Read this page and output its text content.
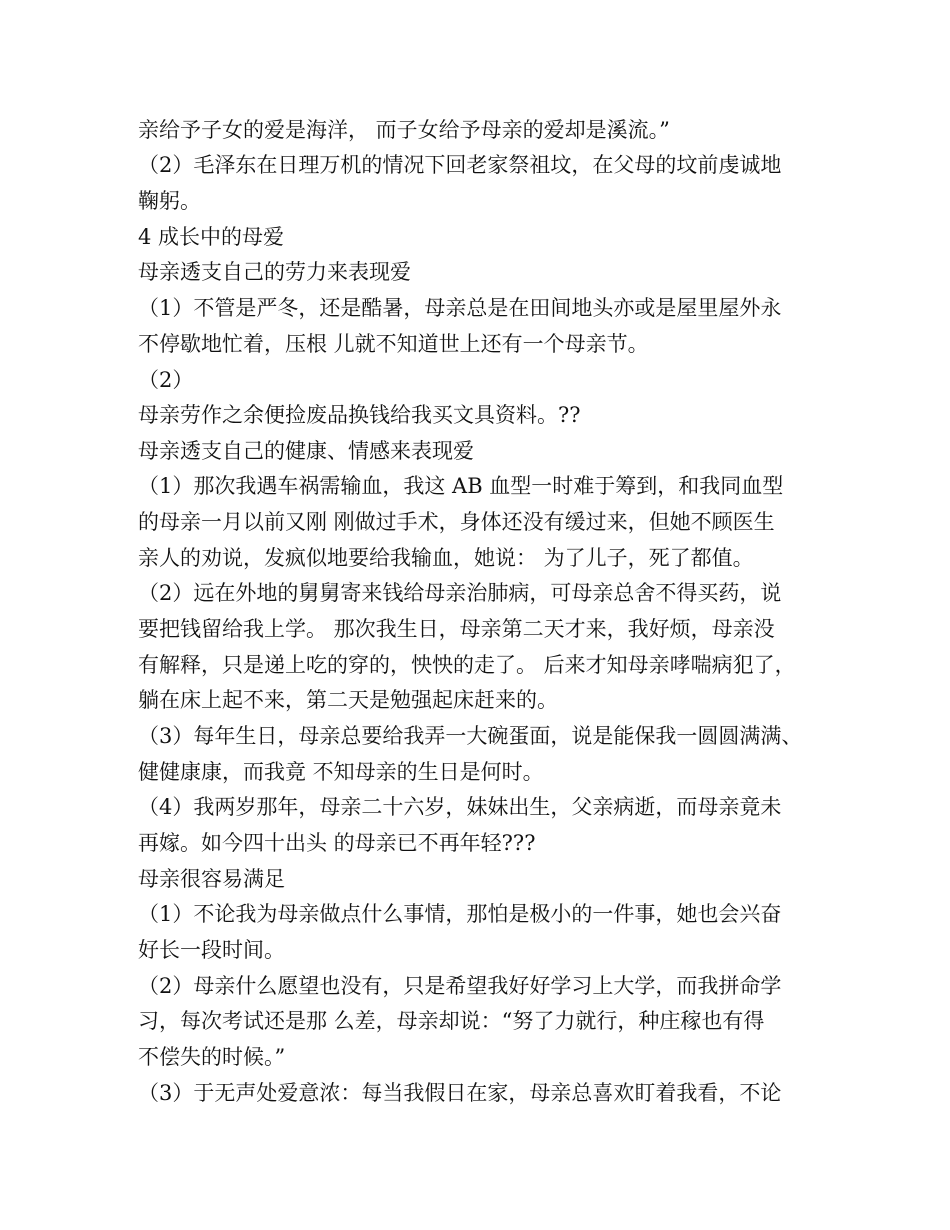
亲给予子女的爱是海洋， 而子女给予母亲的爱却是溪流。”
（2）毛泽东在日理万机的情况下回老家祭祖坟，在父母的坟前虔诚地
鞠躬。
4 成长中的母爱
母亲透支自己的劳力来表现爱
（1）不管是严冬，还是酷暑，母亲总是在田间地头亦或是屋里屋外永
不停歇地忙着，压根 儿就不知道世上还有一个母亲节。
（2）
母亲劳作之余便捡废品换钱给我买文具资料。??
母亲透支自己的健康、情感来表现爱
（1）那次我遇车祸需输血，我这 AB 血型一时难于筹到，和我同血型
的母亲一月以前又刚 刚做过手术，身体还没有缓过来，但她不顾医生
亲人的劝说，发疯似地要给我输血，她说： 为了儿子，死了都值。
（2）远在外地的舅舅寄来钱给母亲治肺病，可母亲总舍不得买药，说
要把钱留给我上学。 那次我生日，母亲第二天才来，我好烦，母亲没
有解释，只是递上吃的穿的，怏怏的走了。 后来才知母亲哮喘病犯了，
躺在床上起不来，第二天是勉强起床赶来的。
（3）每年生日，母亲总要给我弄一大碗蛋面，说是能保我一圆圆满满、
健健康康，而我竟 不知母亲的生日是何时。
（4）我两岁那年，母亲二十六岁，妹妹出生，父亲病逝，而母亲竟未
再嫁。如今四十出头 的母亲已不再年轻???
母亲很容易满足
（1）不论我为母亲做点什么事情，那怕是极小的一件事，她也会兴奋
好长一段时间。
（2）母亲什么愿望也没有，只是希望我好好学习上大学，而我拼命学
习，每次考试还是那 么差，母亲却说：“努了力就行，种庄稼也有得
不偿失的时候。”
（3）于无声处爱意浓：每当我假日在家，母亲总喜欢盯着我看，不论
